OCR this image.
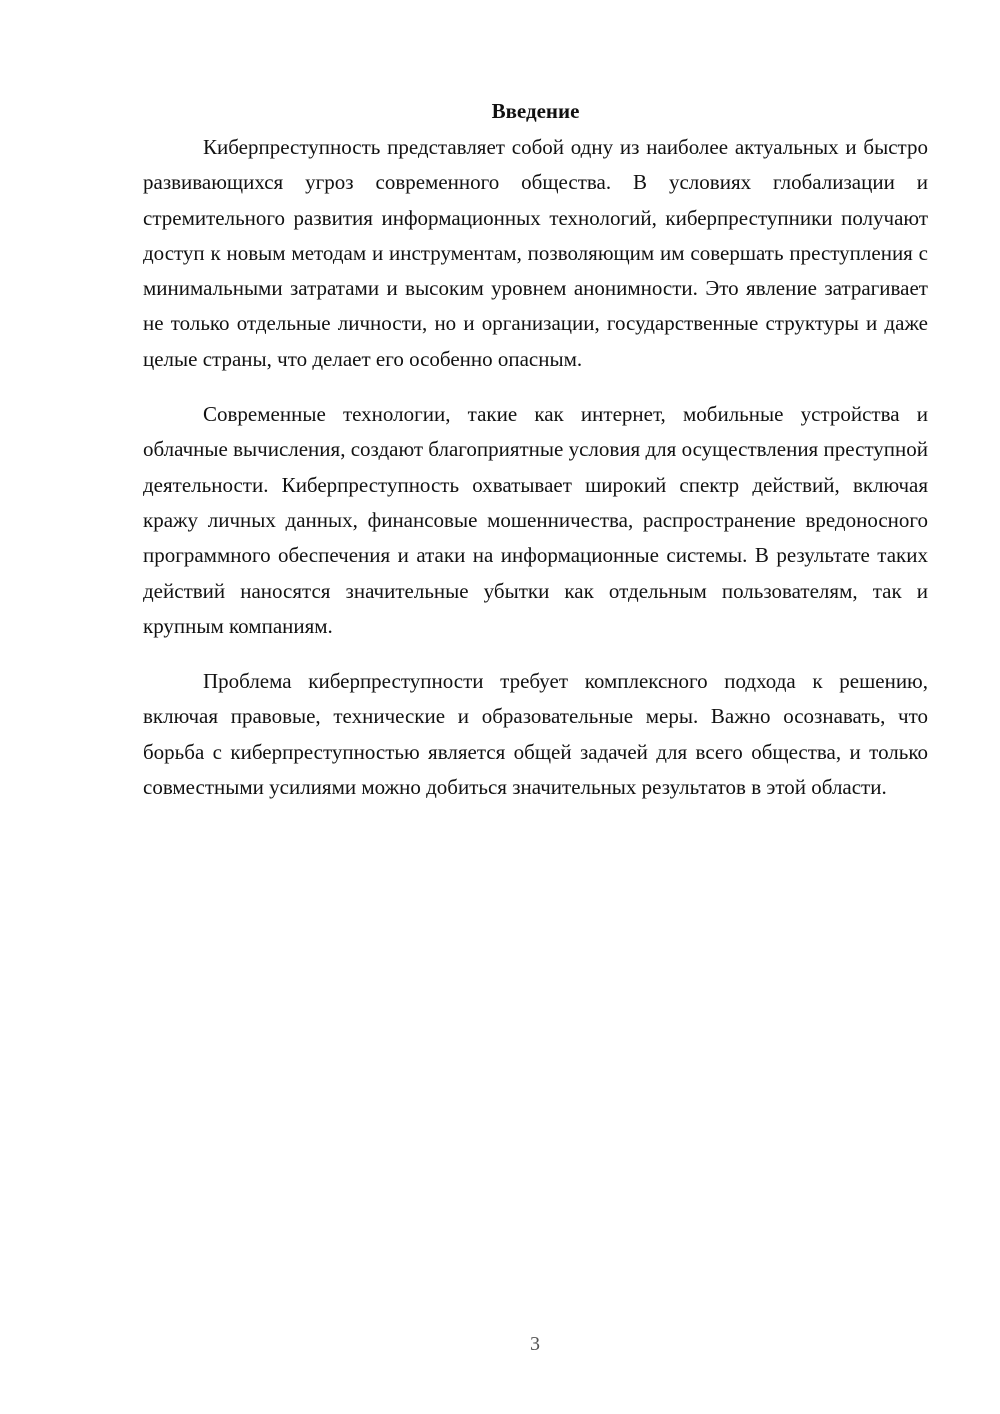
Введение

Киберпреступность представляет собой одну из наиболее актуальных и быстро развивающихся угроз современного общества. В условиях глобализации и стремительного развития информационных технологий, киберпреступники получают доступ к новым методам и инструментам, позволяющим им совершать преступления с минимальными затратами и высоким уровнем анонимности. Это явление затрагивает не только отдельные личности, но и организации, государственные структуры и даже целые страны, что делает его особенно опасным.

Современные технологии, такие как интернет, мобильные устройства и облачные вычисления, создают благоприятные условия для осуществления преступной деятельности. Киберпреступность охватывает широкий спектр действий, включая кражу личных данных, финансовые мошенничества, распространение вредоносного программного обеспечения и атаки на информационные системы. В результате таких действий наносятся значительные убытки как отдельным пользователям, так и крупным компаниям.

Проблема киберпреступности требует комплексного подхода к решению, включая правовые, технические и образовательные меры. Важно осознавать, что борьба с киберпреступностью является общей задачей для всего общества, и только совместными усилиями можно добиться значительных результатов в этой области.

3
